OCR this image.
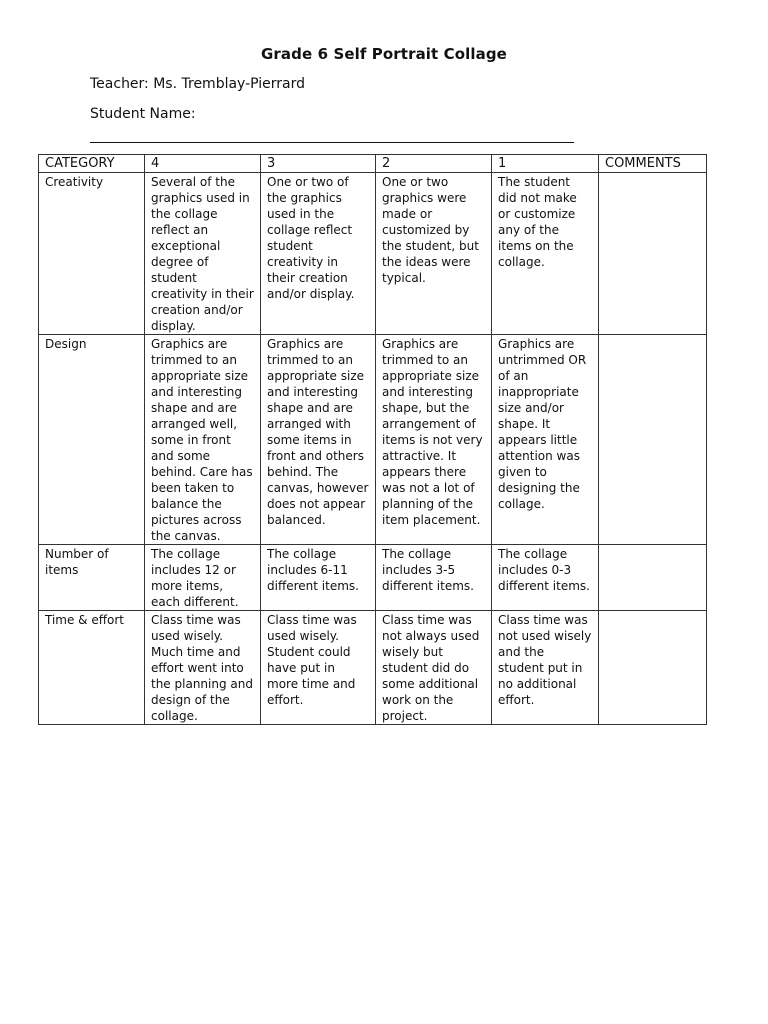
Grade 6 Self Portrait Collage
Teacher: Ms. Tremblay-Pierrard
Student Name:
CATEGORY	4	3	2	1	COMMENTS
Creativity	Several of the graphics used in the collage reflect an exceptional degree of student creativity in their creation and/or display.	One or two of the graphics used in the collage reflect student creativity in their creation and/or display.	One or two graphics were made or customized by the student, but the ideas were typical.	The student did not make or customize any of the items on the collage.	
Design	Graphics are trimmed to an appropriate size and interesting shape and are arranged well, some in front and some behind. Care has been taken to balance the pictures across the canvas.	Graphics are trimmed to an appropriate size and interesting shape and are arranged with some items in front and others behind. The canvas, however does not appear balanced.	Graphics are trimmed to an appropriate size and interesting shape, but the arrangement of items is not very attractive. It appears there was not a lot of planning of the item placement.	Graphics are untrimmed OR of an inappropriate size and/or shape. It appears little attention was given to designing the collage.	
Number of items	The collage includes 12 or more items, each different.	The collage includes 6-11 different items.	The collage includes 3-5 different items.	The collage includes 0-3 different items.	
Time & effort	Class time was used wisely. Much time and effort went into the planning and design of the collage.	Class time was used wisely. Student could have put in more time and effort.	Class time was not always used wisely but student did do some additional work on the project.	Class time was not used wisely and the student put in no additional effort.	
